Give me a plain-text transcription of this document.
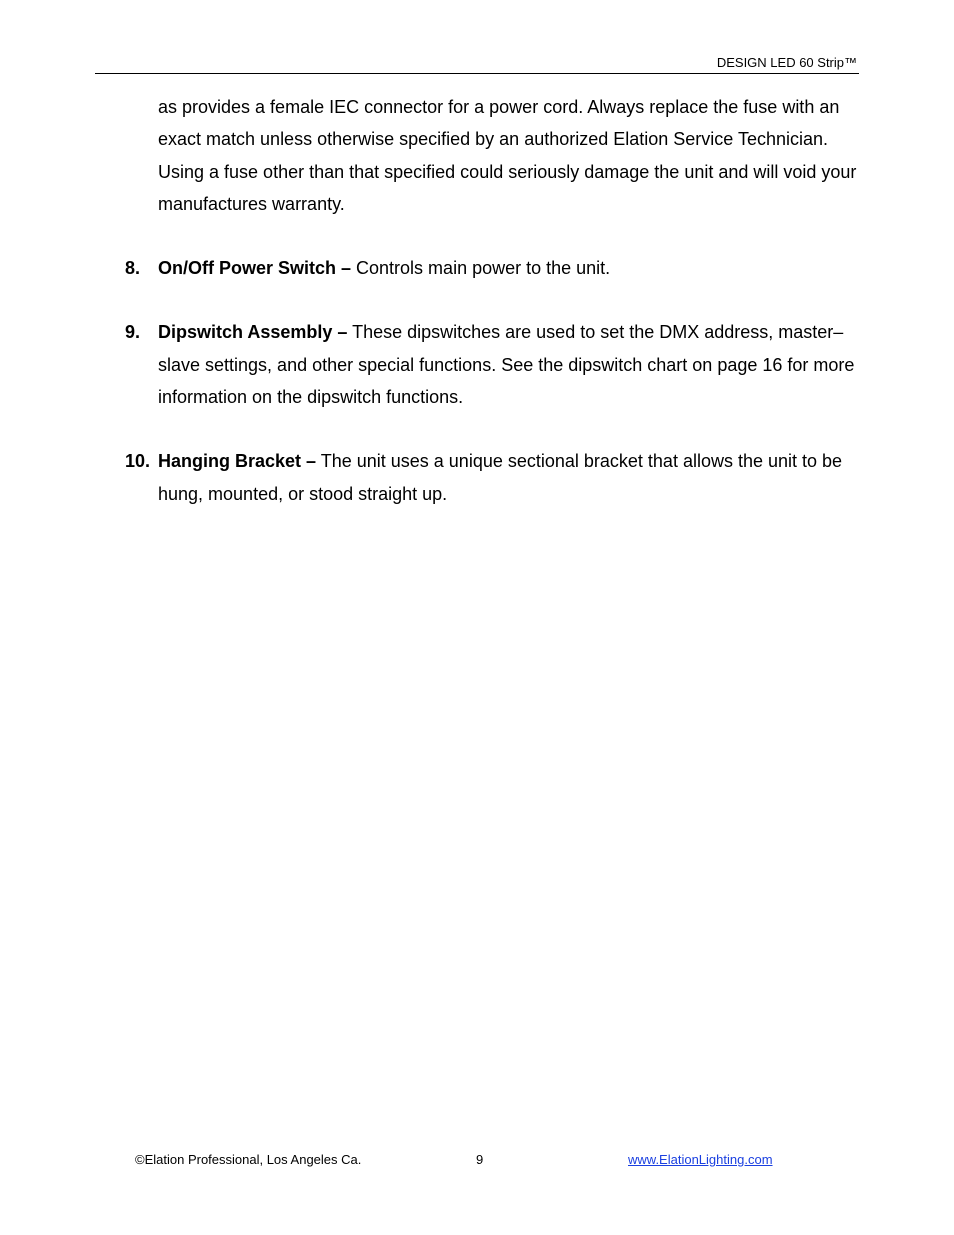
DESIGN LED 60 Strip™

as provides a female IEC connector for a power cord. Always replace the fuse with an exact match unless otherwise specified by an authorized Elation Service Technician. Using a fuse other than that specified could seriously damage the unit and will void your manufactures warranty.

8. On/Off Power Switch – Controls main power to the unit.
9. Dipswitch Assembly – These dipswitches are used to set the DMX address, master–slave settings, and other special functions. See the dipswitch chart on page 16 for more information on the dipswitch functions.
10. Hanging Bracket – The unit uses a unique sectional bracket that allows the unit to be hung, mounted, or stood straight up.
©Elation Professional, Los Angeles Ca.	9	www.ElationLighting.com
